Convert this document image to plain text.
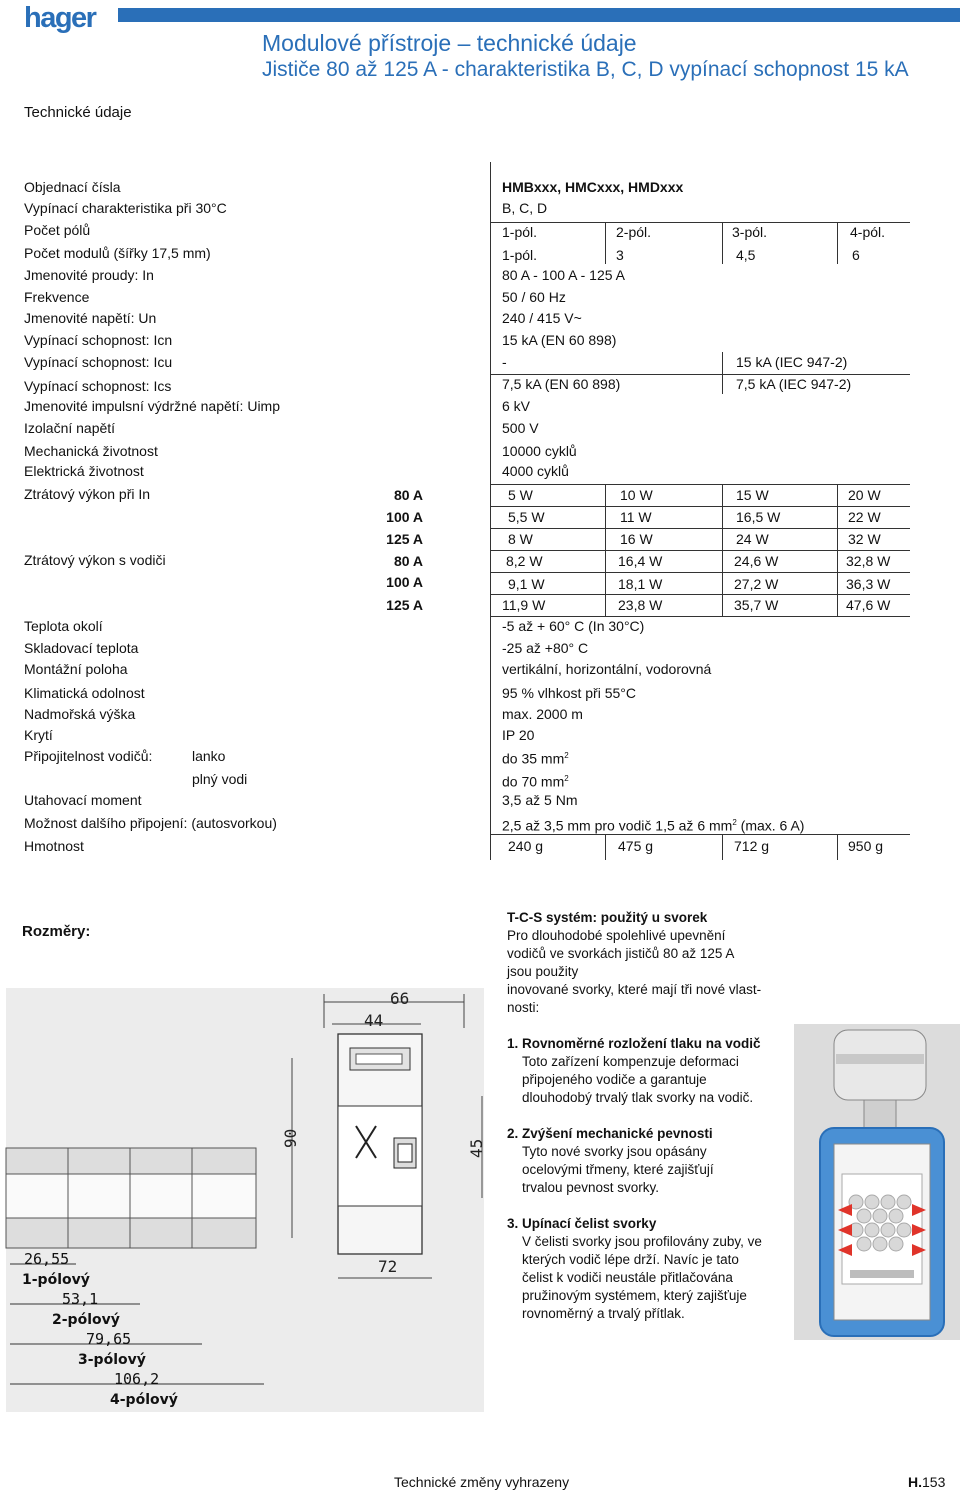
hager
Modulové přístroje – technické údaje
Jističe 80 až 125 A - charakteristika B, C, D vypínací schopnost 15 kA
Technické údaje
Objednací čísla	HMBxxx, HMCxxx, HMDxxx
Vypínací charakteristika při 30°C	B, C, D
Počet pólů	1-pól.	2-pól.	3-pól.	4-pól.
Počet modulů (šířky 17,5 mm)	1-pól.	3	4,5	6
Jmenovité proudy: In	80 A - 100 A - 125 A
Frekvence	50 / 60 Hz
Jmenovité napětí: Un	240 / 415 V~
Vypínací schopnost: Icn	15 kA (EN 60 898)
Vypínací schopnost: Icu	-	15 kA (IEC 947-2)
Vypínací schopnost: Ics	7,5 kA (EN 60 898)	7,5 kA (IEC 947-2)
Jmenovité impulsní výdržné napětí: Uimp	6 kV
Izolační napětí	500 V
Mechanická životnost	10000 cyklů
Elektrická životnost	4000 cyklů
Ztrátový výkon při In	80 A	5 W	10 W	15 W	20 W
100 A	5,5 W	11 W	16,5 W	22 W
125 A	8 W	16 W	24 W	32 W
Ztrátový výkon s vodiči	80 A	8,2 W	16,4 W	24,6 W	32,8 W
100 A	9,1 W	18,1 W	27,2 W	36,3 W
125 A	11,9 W	23,8 W	35,7 W	47,6 W
Teplota okolí	-5 až + 60° C (In 30°C)
Skladovací teplota	-25 až +80° C
Montážní poloha	vertikální, horizontální, vodorovná
Klimatická odolnost	95 % vlhkost při 55°C
Nadmořská výška	max. 2000 m
Krytí	IP 20
Připojitelnost vodičů:	lanko	do 35 $mm^2$
plný vodi	do 70 $mm^2$
Utahovací moment	3,5 až 5 Nm
Možnost dalšího připojení: (autosvorkou)	2,5 až 3,5 mm pro vodič 1,5 až 6 $mm^2$ (max. 6 A)
Hmotnost	240 g	475 g	712 g	950 g
Rozměry:
66
44
90
45
72
26,55
1-pólový
53,1
2-pólový
79,65
3-pólový
106,2
4-pólový
T-C-S systém: použitý u svorek
Pro dlouhodobé spolehlivé upevnění
vodičů ve svorkách jističů 80 až 125 A
jsou použity
inovované svorky, které mají tři nové vlast-
nosti:
1. Rovnoměrné rozložení tlaku na vodič
Toto zařízení kompenzuje deformaci
připojeného vodiče a garantuje
dlouhodobý trvalý tlak svorky na vodič.
2. Zvýšení mechanické pevnosti
Tyto nové svorky jsou opásány
ocelovými třmeny, které zajišťují
trvalou pevnost svorky.
3. Upínací čelist svorky
V čelisti svorky jsou profilovány zuby, ve
kterých vodič lépe drží. Navíc je tato
čelist k vodiči neustále přitlačována
pružinovým systémem, který zajišťuje
rovnoměrný a trvalý přítlak.
Technické změny vyhrazeny	H.153
